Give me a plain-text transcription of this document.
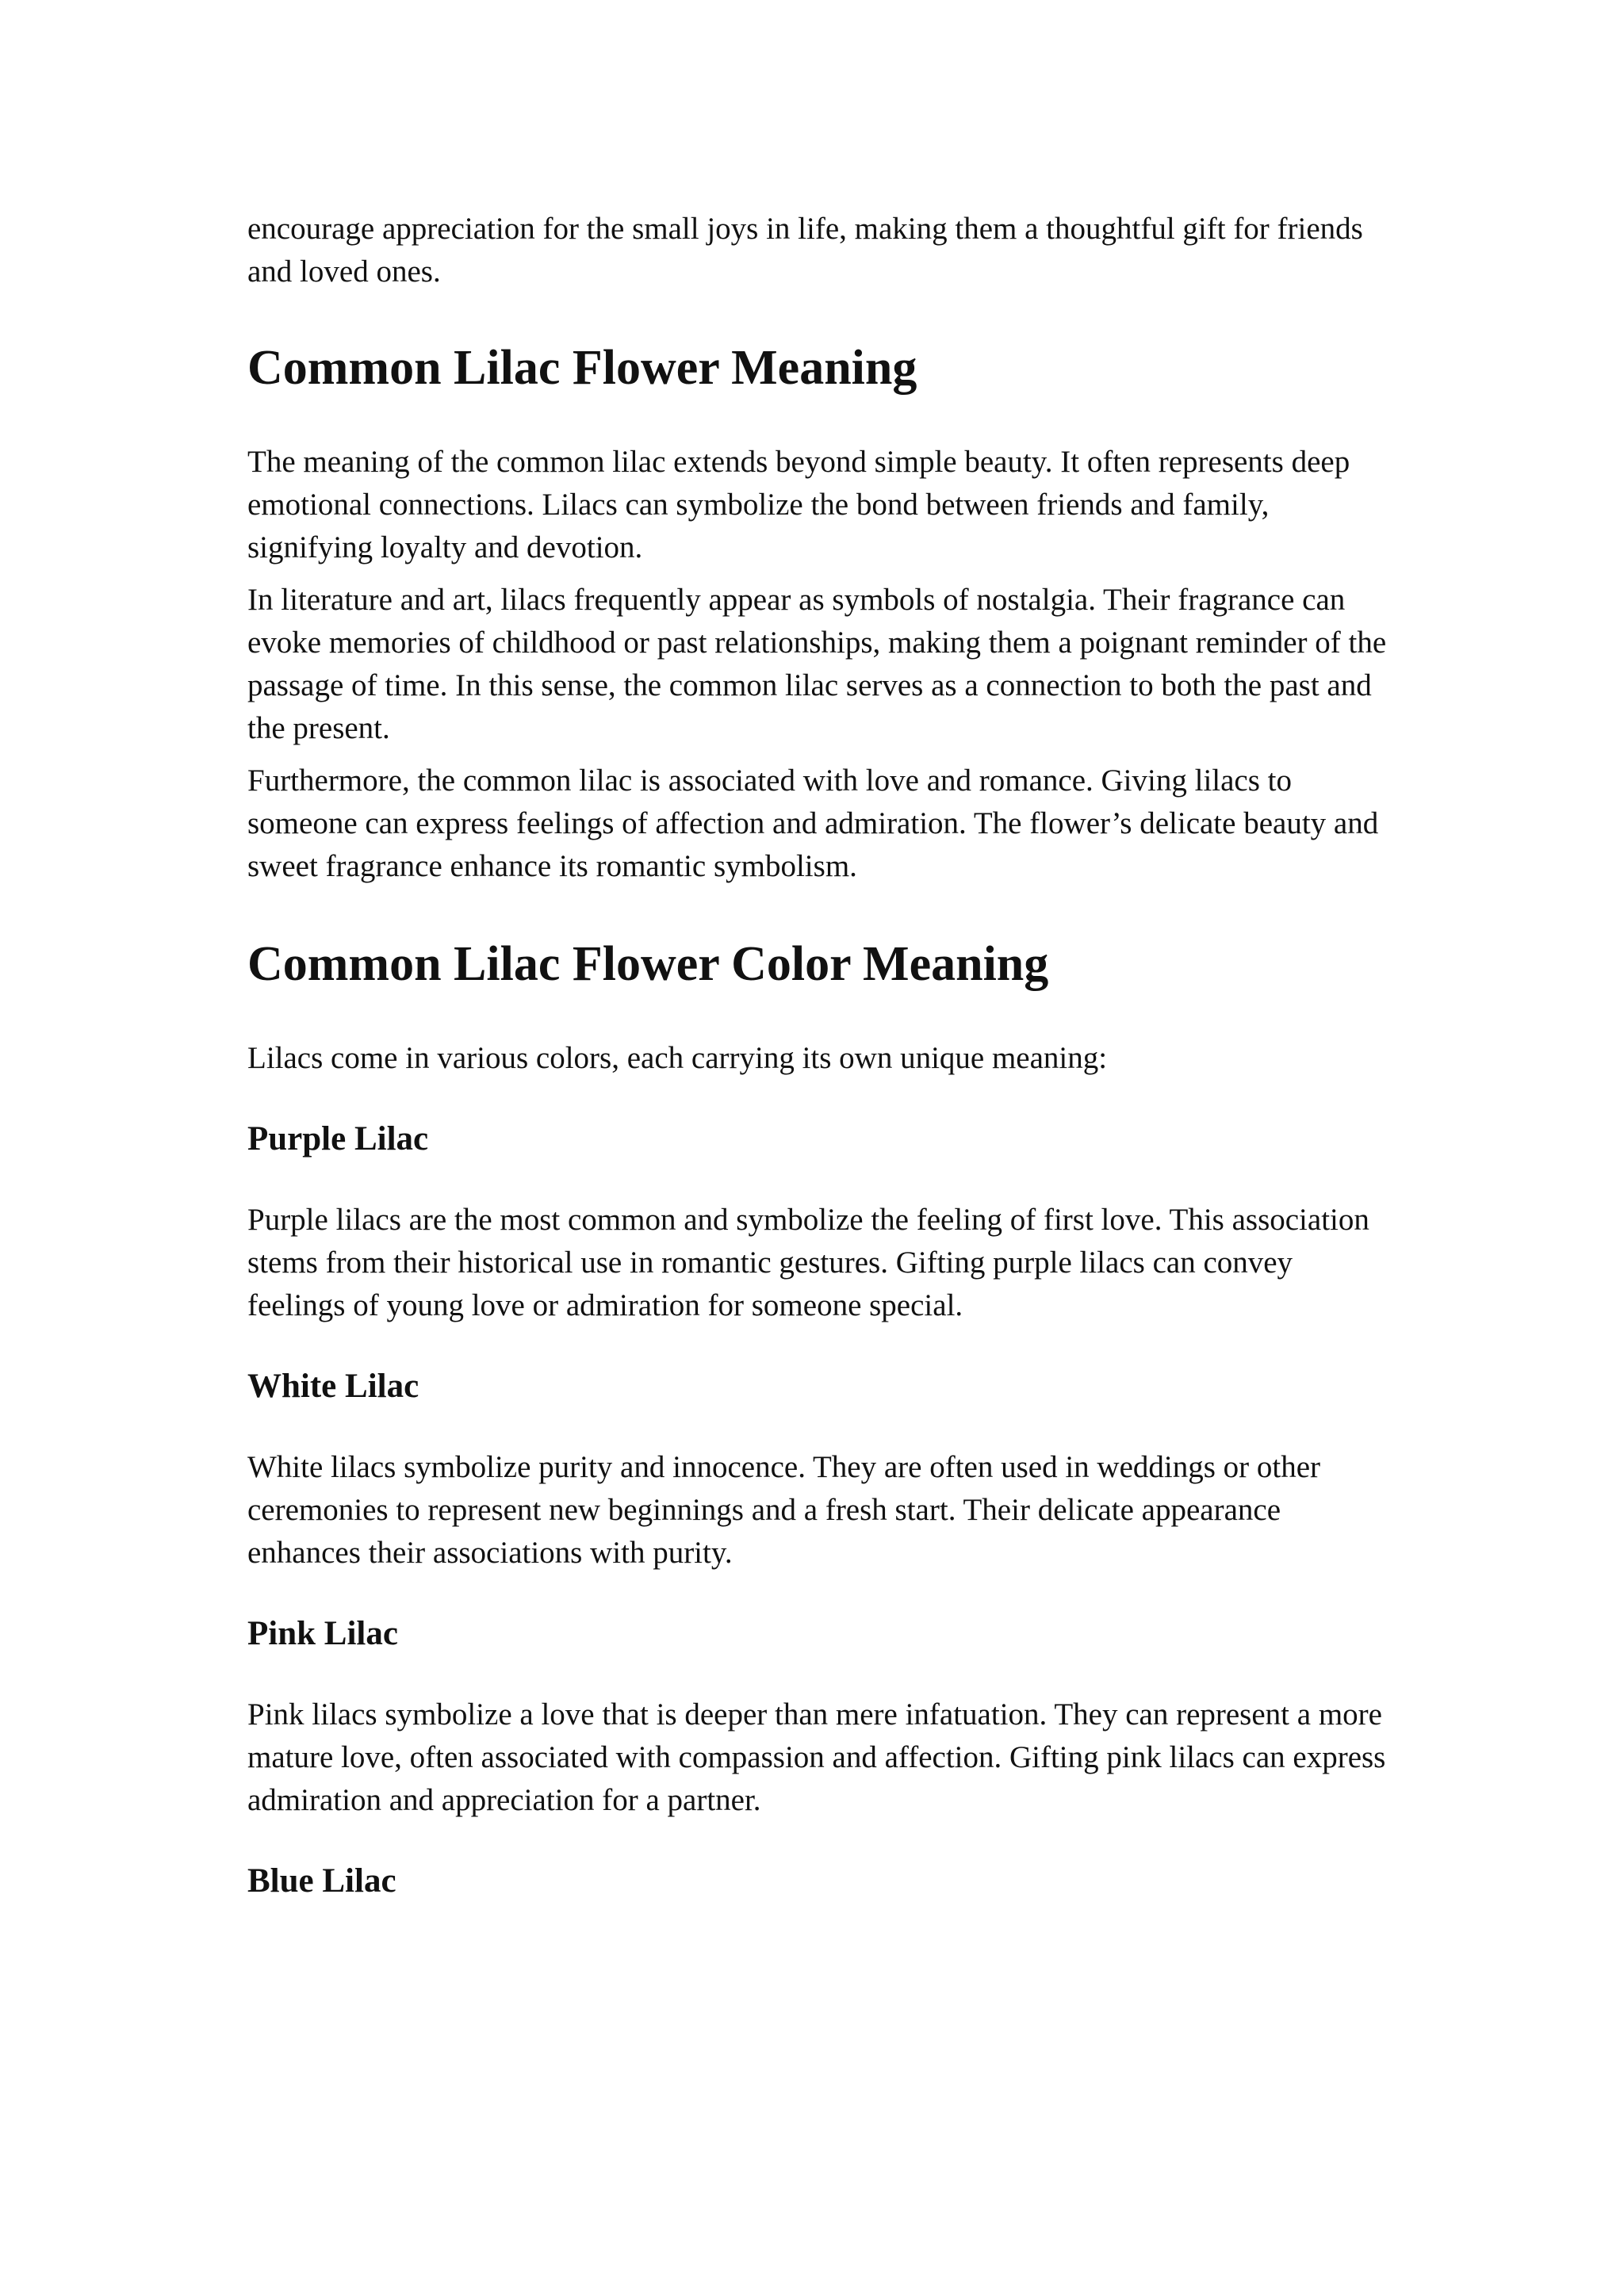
encourage appreciation for the small joys in life, making them a thoughtful gift for friends and loved ones.

Common Lilac Flower Meaning

The meaning of the common lilac extends beyond simple beauty. It often represents deep emotional connections. Lilacs can symbolize the bond between friends and family, signifying loyalty and devotion.

In literature and art, lilacs frequently appear as symbols of nostalgia. Their fragrance can evoke memories of childhood or past relationships, making them a poignant reminder of the passage of time. In this sense, the common lilac serves as a connection to both the past and the present.

Furthermore, the common lilac is associated with love and romance. Giving lilacs to someone can express feelings of affection and admiration. The flower’s delicate beauty and sweet fragrance enhance its romantic symbolism.

Common Lilac Flower Color Meaning

Lilacs come in various colors, each carrying its own unique meaning:

Purple Lilac

Purple lilacs are the most common and symbolize the feeling of first love. This association stems from their historical use in romantic gestures. Gifting purple lilacs can convey feelings of young love or admiration for someone special.

White Lilac

White lilacs symbolize purity and innocence. They are often used in weddings or other ceremonies to represent new beginnings and a fresh start. Their delicate appearance enhances their associations with purity.

Pink Lilac

Pink lilacs symbolize a love that is deeper than mere infatuation. They can represent a more mature love, often associated with compassion and affection. Gifting pink lilacs can express admiration and appreciation for a partner.

Blue Lilac
